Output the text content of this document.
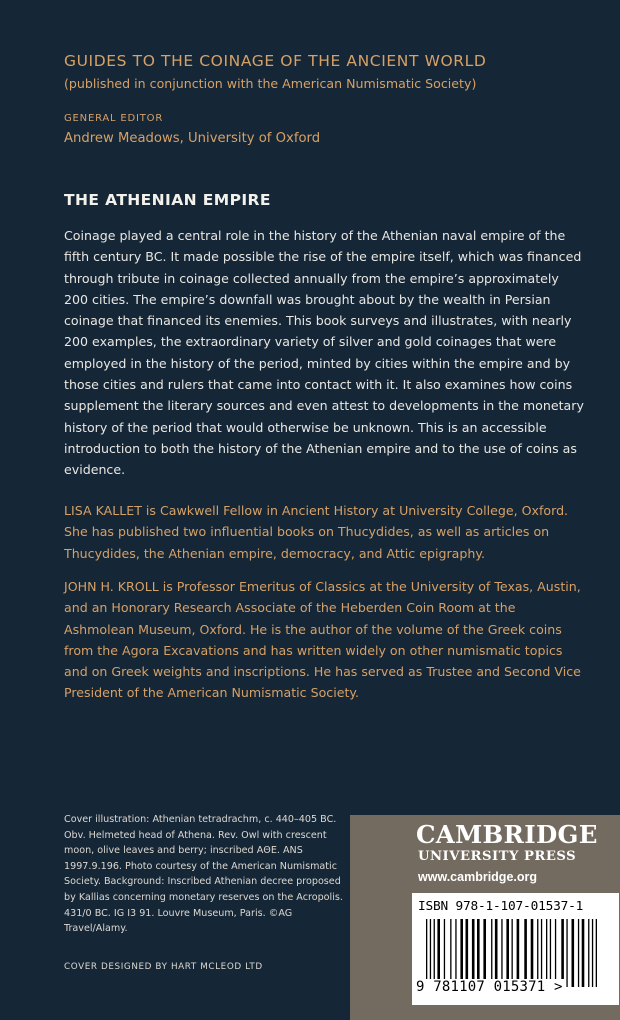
GUIDES TO THE COINAGE OF THE ANCIENT WORLD
(published in conjunction with the American Numismatic Society)
GENERAL EDITOR
Andrew Meadows, University of Oxford
THE ATHENIAN EMPIRE

Coinage played a central role in the history of the Athenian naval empire of the fifth century BC. It made possible the rise of the empire itself, which was financed through tribute in coinage collected annually from the empire’s approximately 200 cities. The empire’s downfall was brought about by the wealth in Persian coinage that financed its enemies. This book surveys and illustrates, with nearly 200 examples, the extraordinary variety of silver and gold coinages that were employed in the history of the period, minted by cities within the empire and by those cities and rulers that came into contact with it. It also examines how coins supplement the literary sources and even attest to developments in the monetary history of the period that would otherwise be unknown. This is an accessible introduction to both the history of the Athenian empire and to the use of coins as evidence.

LISA KALLET is Cawkwell Fellow in Ancient History at University College, Oxford. She has published two influential books on Thucydides, as well as articles on Thucydides, the Athenian empire, democracy, and Attic epigraphy.

JOHN H. KROLL is Professor Emeritus of Classics at the University of Texas, Austin, and an Honorary Research Associate of the Heberden Coin Room at the Ashmolean Museum, Oxford. He is the author of the volume of the Greek coins from the Agora Excavations and has written widely on other numismatic topics and on Greek weights and inscriptions. He has served as Trustee and Second Vice President of the American Numismatic Society.

Cover illustration: Athenian tetradrachm, c. 440–405 BC. Obv. Helmeted head of Athena. Rev. Owl with crescent moon, olive leaves and berry; inscribed ΑΘΕ. ANS 1997.9.196. Photo courtesy of the American Numismatic Society. Background: Inscribed Athenian decree proposed by Kallias concerning monetary reserves on the Acropolis. 431/0 BC. IG I3 91. Louvre Museum, Paris. ©AG Travel/Alamy.

COVER DESIGNED BY HART MCLEOD LTD
CAMBRIDGE
UNIVERSITY PRESS
www.cambridge.org
ISBN 978-1-107-01537-1
9 781107 015371 >
